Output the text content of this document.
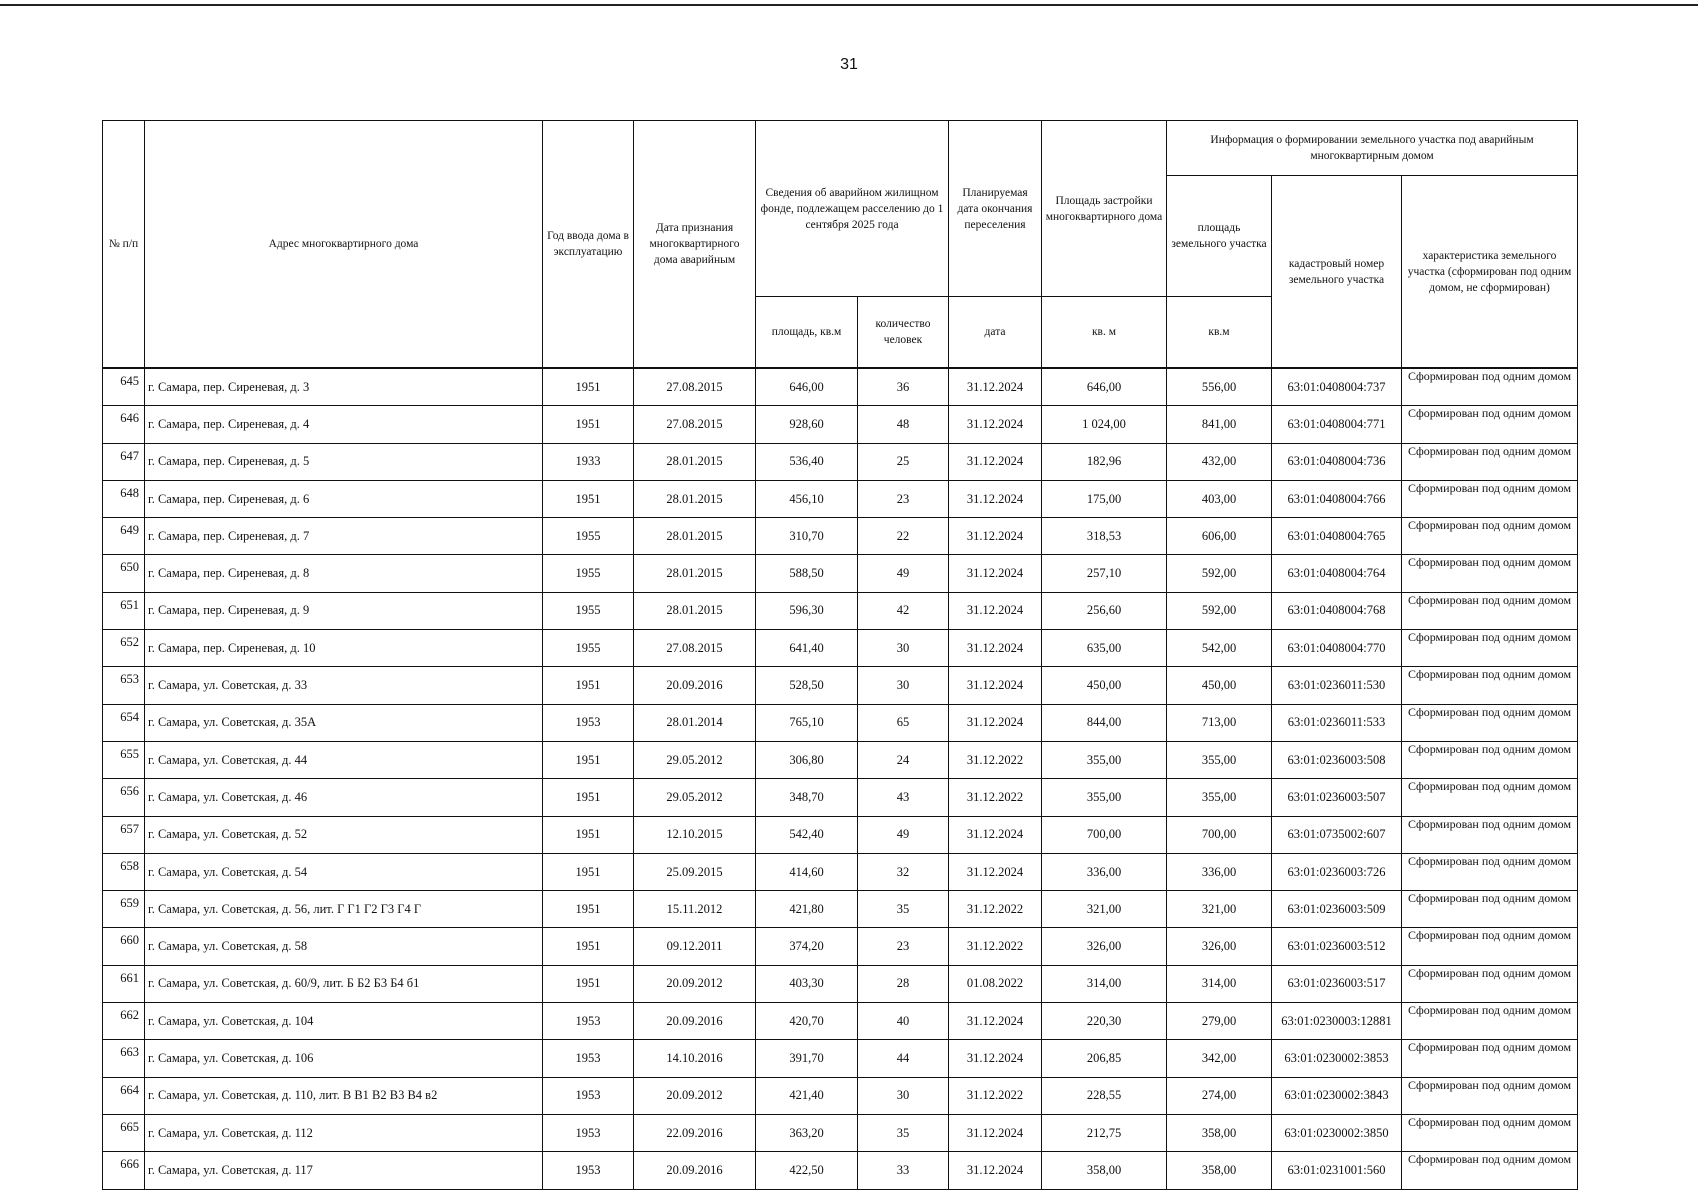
31
№ п/п	Адрес многоквартирного дома	Год ввода дома в эксплуатацию	Дата признания многоквартирного дома аварийным	Сведения об аварийном жилищном фонде, подлежащем расселению до 1 сентября 2025 года		Планируемая дата окончания переселения	Площадь застройки многоквартирного дома	Информация о формировании земельного участка под аварийным многоквартирным домом		
								площадь земельного участка	кадастровый номер земельного участка	характеристика земельного участка (сформирован под одним домом, не сформирован)
				площадь, кв.м	количество человек	дата	кв. м	кв.м		
645	г. Самара, пер. Сиреневая, д. 3	1951	27.08.2015	646,00	36	31.12.2024	646,00	556,00	63:01:0408004:737	Сформирован под одним домом
646	г. Самара, пер. Сиреневая, д. 4	1951	27.08.2015	928,60	48	31.12.2024	1 024,00	841,00	63:01:0408004:771	Сформирован под одним домом
647	г. Самара, пер. Сиреневая, д. 5	1933	28.01.2015	536,40	25	31.12.2024	182,96	432,00	63:01:0408004:736	Сформирован под одним домом
648	г. Самара, пер. Сиреневая, д. 6	1951	28.01.2015	456,10	23	31.12.2024	175,00	403,00	63:01:0408004:766	Сформирован под одним домом
649	г. Самара, пер. Сиреневая, д. 7	1955	28.01.2015	310,70	22	31.12.2024	318,53	606,00	63:01:0408004:765	Сформирован под одним домом
650	г. Самара, пер. Сиреневая, д. 8	1955	28.01.2015	588,50	49	31.12.2024	257,10	592,00	63:01:0408004:764	Сформирован под одним домом
651	г. Самара, пер. Сиреневая, д. 9	1955	28.01.2015	596,30	42	31.12.2024	256,60	592,00	63:01:0408004:768	Сформирован под одним домом
652	г. Самара, пер. Сиреневая, д. 10	1955	27.08.2015	641,40	30	31.12.2024	635,00	542,00	63:01:0408004:770	Сформирован под одним домом
653	г. Самара, ул. Советская, д. 33	1951	20.09.2016	528,50	30	31.12.2024	450,00	450,00	63:01:0236011:530	Сформирован под одним домом
654	г. Самара, ул. Советская, д. 35А	1953	28.01.2014	765,10	65	31.12.2024	844,00	713,00	63:01:0236011:533	Сформирован под одним домом
655	г. Самара, ул. Советская, д. 44	1951	29.05.2012	306,80	24	31.12.2022	355,00	355,00	63:01:0236003:508	Сформирован под одним домом
656	г. Самара, ул. Советская, д. 46	1951	29.05.2012	348,70	43	31.12.2022	355,00	355,00	63:01:0236003:507	Сформирован под одним домом
657	г. Самара, ул. Советская, д. 52	1951	12.10.2015	542,40	49	31.12.2024	700,00	700,00	63:01:0735002:607	Сформирован под одним домом
658	г. Самара, ул. Советская, д. 54	1951	25.09.2015	414,60	32	31.12.2024	336,00	336,00	63:01:0236003:726	Сформирован под одним домом
659	г. Самара, ул. Советская, д. 56, лит. Г Г1 Г2 Г3 Г4 Г	1951	15.11.2012	421,80	35	31.12.2022	321,00	321,00	63:01:0236003:509	Сформирован под одним домом
660	г. Самара, ул. Советская, д. 58	1951	09.12.2011	374,20	23	31.12.2022	326,00	326,00	63:01:0236003:512	Сформирован под одним домом
661	г. Самара, ул. Советская, д. 60/9, лит. Б Б2 Б3 Б4 б1	1951	20.09.2012	403,30	28	01.08.2022	314,00	314,00	63:01:0236003:517	Сформирован под одним домом
662	г. Самара, ул. Советская, д. 104	1953	20.09.2016	420,70	40	31.12.2024	220,30	279,00	63:01:0230003:12881	Сформирован под одним домом
663	г. Самара, ул. Советская, д. 106	1953	14.10.2016	391,70	44	31.12.2024	206,85	342,00	63:01:0230002:3853	Сформирован под одним домом
664	г. Самара, ул. Советская, д. 110, лит. В В1 В2 В3 В4 в2	1953	20.09.2012	421,40	30	31.12.2022	228,55	274,00	63:01:0230002:3843	Сформирован под одним домом
665	г. Самара, ул. Советская, д. 112	1953	22.09.2016	363,20	35	31.12.2024	212,75	358,00	63:01:0230002:3850	Сформирован под одним домом
666	г. Самара, ул. Советская, д. 117	1953	20.09.2016	422,50	33	31.12.2024	358,00	358,00	63:01:0231001:560	Сформирован под одним домом
